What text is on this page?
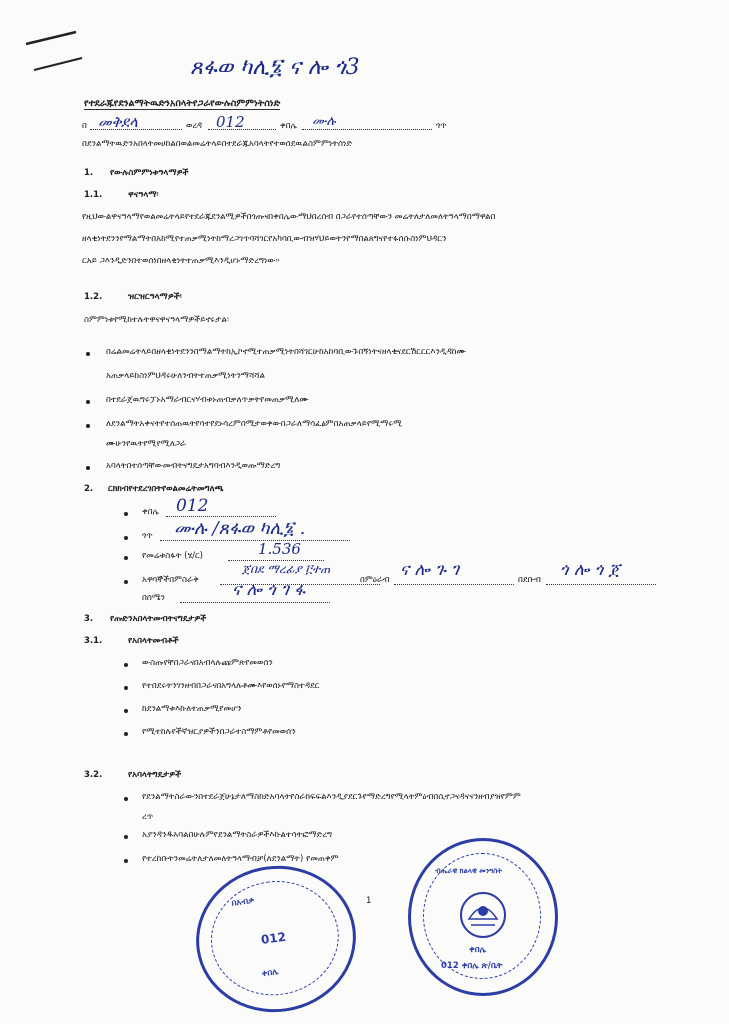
ጸፋወ ካሊ፮ ና ሎ ጎ3
የተደራጁየደንልማትዉድንአበላትየጋራየውሉስምምነትሰነድ
በ መቅደላ	ወረዳ 012	ቀበሌ ሙሉ	ጎጥ
በደንልማትዉድንአበላትመሀከልበወልመሬትላይበተደራጁአባላትየተወሰደዉልስምምነትሰነድ
1. የውሉስምምነቱዓላማዎች
1.1.	ዋናዓላማ፡
የዚህውልዋናዓላማየወልመሬትላይየተደራጁደንልሚዎችበጎጡናበቀበሌውማህበረሰብ በጋራየተሰጣቸውን መሬትለታለመለትዓላማበማዋልበ
ዘላቂነትደንንየማልማትበአከሚየተጠቃሚነትከማረጋገጥባሻገርየአካባቢውብዝሃህይወትንየማበልጸግናየተፋሰሱስነምህዳርን
ርአይ ጋእንዲድንበተወሰነበዘላቂነትተጠቃሚእንዲሆኑማድረግነው።
1.2.	ዝርዝርዓላማዎች፡
ስምምነቱየሚከተሉትዋናዋናዓላማዎችይኖሩታል፡
በሬልመሬትላይበዘላቂነትደንንበማልማትከኢኮኖሚተጠቃሚነትበሻገርሁከአከባቢውጉበኝነትናዘላቂናደርሽርርርእንዲዳከሙ
አጠቃላይከስነምህዳሩሁለንብትተጠቃሚነትንማሻሻል
በተደራጀዉግሩፓኑአማራብርናሃብቱኑጠብቃለጥቃትየመጠቃሚለሙ
ለደንልማትአቀናትየተሰጠዉትየሳተየደኑሳረምበሚታወቀውበጋራለማሳፈፅምበአጠቃላይየሚማሩሚ
ሙሁንየዉትየሚየሚለጋራ
አባላትበተሰጣቸውመብትናግዴታአግባብእንዲወጡማድረግ
2. ርክክብየተደረገበትየወልመሬትመግለጫ
ቀበሌ 012
ጎጥ ሙሉ /ጸፋወ ካሊ፮ .
የመሬቱስፋት (ሄ/ር)	1.536
አዋሳኞችበምስራቅ
ጀበደ ማረፊያ ፫ተጠ
በምዕራብ ና ሎ ጉ ገ	በደቡብ ጎ ሎ ጎ ጀ
በሰሜን	ና ሎ ጎ ገ ፋ
3. የጡድንአበላትመብትናግዴታዎች
3.1.	የአበላትመብቶች
ውስጡየቸበጋራናበአብላሉጩምጽየመወሰን
የተበደሩትንገንዘብበጋራናበአግላሉቶሙእየወሰኑየማስተዳደር
ከደንልማቱእኩለተጠቃሚየመሆን
የሚተከሉየችኛዝርያዎችንበጋራተስማምቶየመወሰን
3.2.	የአባላትግዴታዎች
የደንልማትስራውንበተደራጀሁኔታለማስከድአባላትየስራክፍፍልእንዲያደርጉየማድረግየሚላትምዕብበሲኖጋናዳናናንዘብያዝየምም
ረጥ
አያንዳንዱአባልበሁሉምየደንልማትስራዎችእኩልተሳትፎማድረግ
የተረከቡትንመሬትለታለመለትዓላማብቻ(ለደንልማት) የመጠቀም
1
በአብቃ
012
ቀበሌ
ብሔራዊ ክልላዊ መንግስት
ቀበሌ
012 ቀበሌ ጽ/ቤት
